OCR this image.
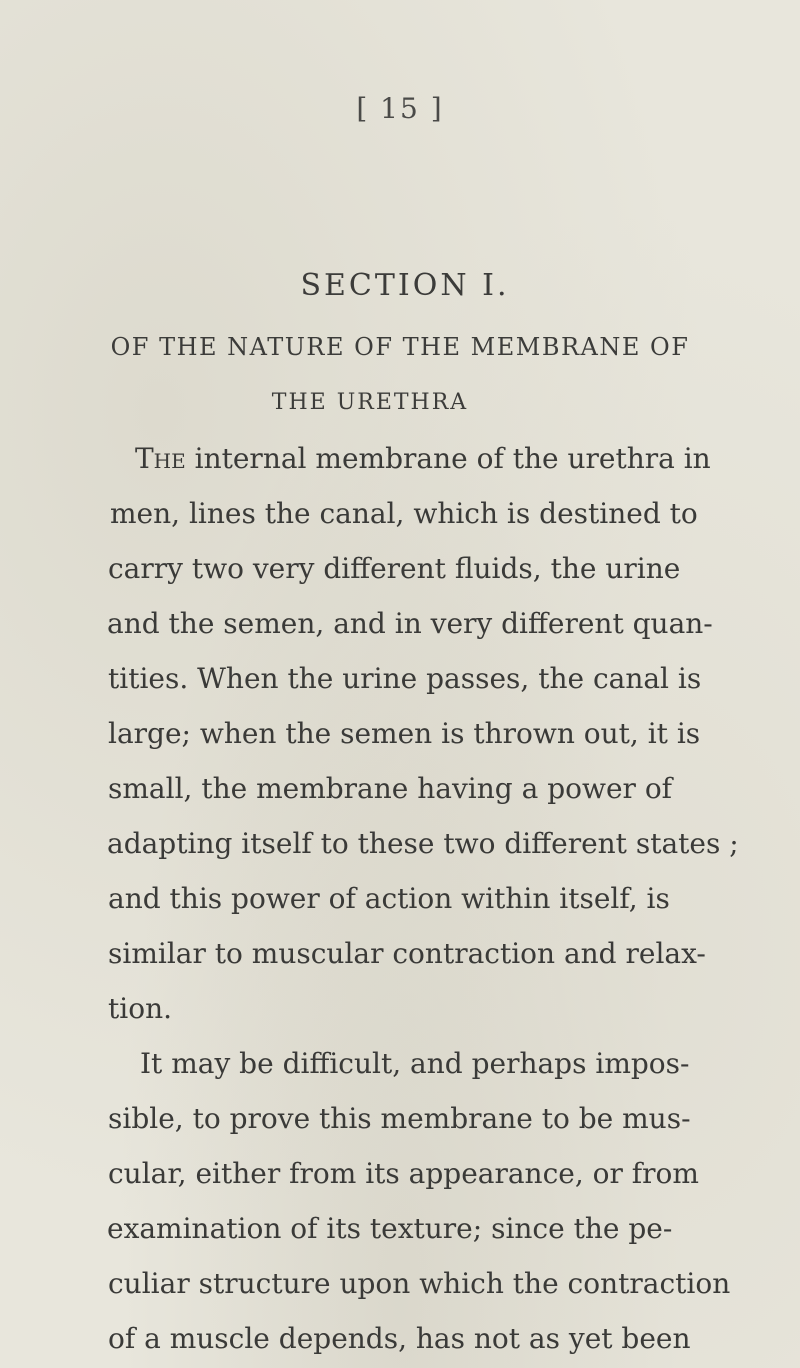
[ 15 ]
SECTION I.
OF THE NATURE OF THE MEMBRANE OF
THE URETHRA
The internal membrane of the urethra in
men, lines the canal, which is destined to
carry two very different fluids, the urine
and the semen, and in very different quan-
tities. When the urine passes, the canal is
large; when the semen is thrown out, it is
small, the membrane having a power of
adapting itself to these two different states ;
and this power of action within itself, is
similar to muscular contraction and relax-
tion.
It may be difficult, and perhaps impos-
sible, to prove this membrane to be mus-
cular, either from its appearance, or from
examination of its texture; since the pe-
culiar structure upon which the contraction
of a muscle depends, has not as yet been
